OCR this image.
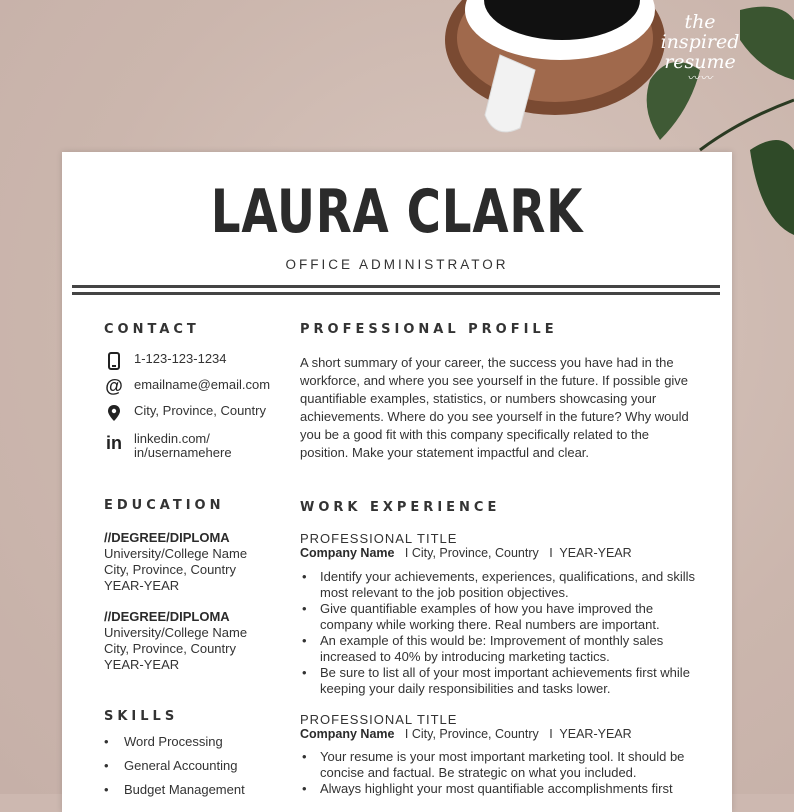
the
inspired
resume
〰〰
LAURA CLARK
OFFICE ADMINISTRATOR
CONTACT
1-123-123-1234
@ emailname@email.com
City, Province, Country
in linkedin.com/
in/usernamehere
EDUCATION
//DEGREE/DIPLOMA
University/College Name
City, Province, Country
YEAR-YEAR
//DEGREE/DIPLOMA
University/College Name
City, Province, Country
YEAR-YEAR
SKILLS
• Word Processing
• General Accounting
• Budget Management
PROFESSIONAL PROFILE
A short summary of your career, the success you have had in the workforce, and where you see yourself in the future. If possible give quantifiable examples, statistics, or numbers showcasing your achievements. Where do you see yourself in the future? Why would you be a good fit with this company specifically related to the position. Make your statement impactful and clear.
WORK EXPERIENCE
PROFESSIONAL TITLE
Company Name I City, Province, Country I YEAR-YEAR
• Identify your achievements, experiences, qualifications, and skills most relevant to the job position objectives.
• Give quantifiable examples of how you have improved the company while working there. Real numbers are important.
• An example of this would be: Improvement of monthly sales increased to 40% by introducing marketing tactics.
• Be sure to list all of your most important achievements first while keeping your daily responsibilities and tasks lower.
PROFESSIONAL TITLE
Company Name I City, Province, Country I YEAR-YEAR
• Your resume is your most important marketing tool. It should be concise and factual. Be strategic on what you included.
• Always highlight your most quantifiable accomplishments first
